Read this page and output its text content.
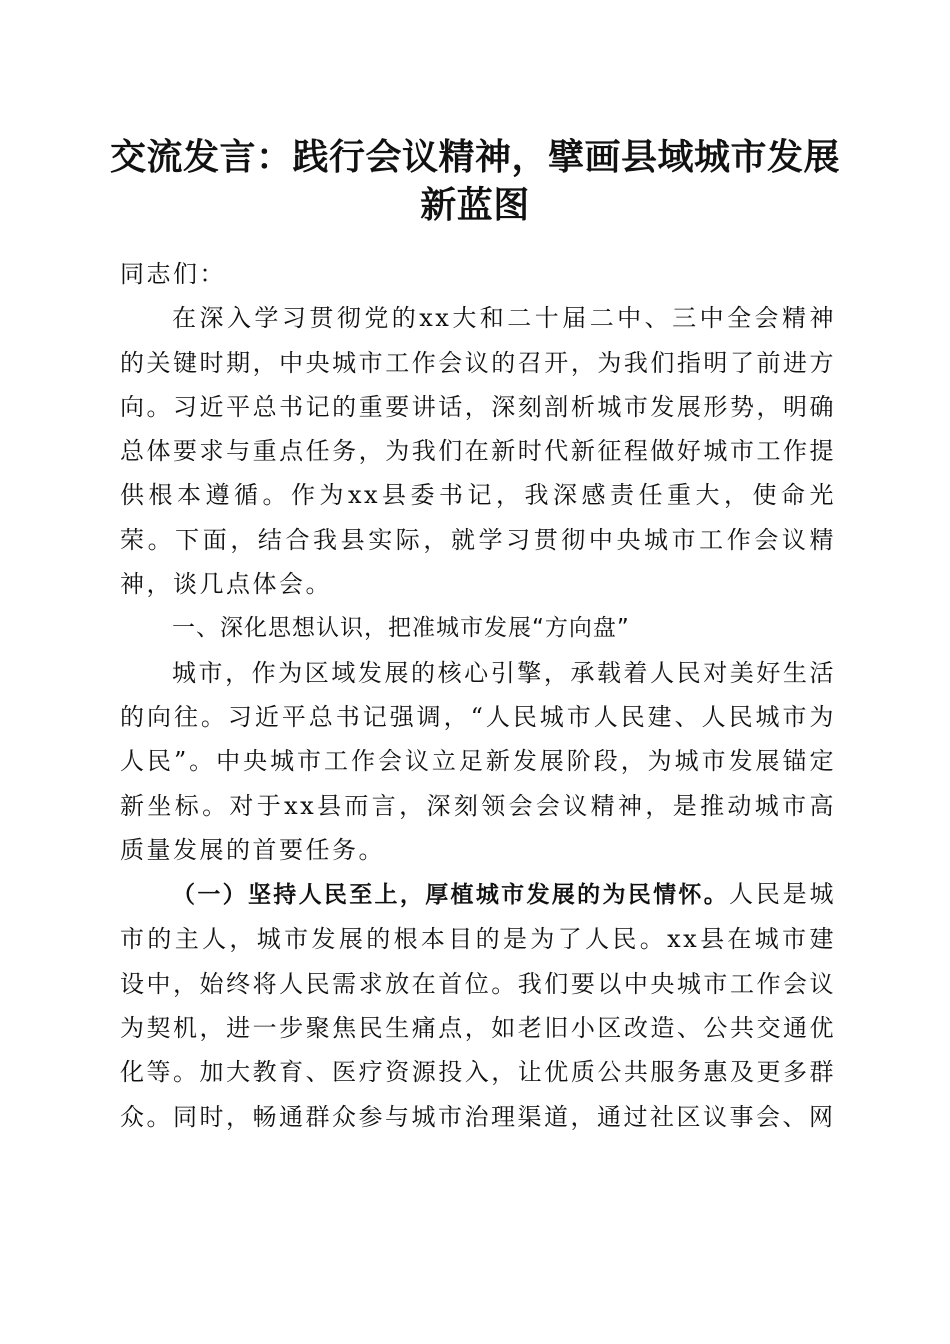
交流发言：践行会议精神，擘画县域城市发展新蓝图

同志们：

在深入学习贯彻党的xx大和二十届二中、三中全会精神的关键时期，中央城市工作会议的召开，为我们指明了前进方向。习近平总书记的重要讲话，深刻剖析城市发展形势，明确总体要求与重点任务，为我们在新时代新征程做好城市工作提供根本遵循。作为xx县委书记，我深感责任重大，使命光荣。下面，结合我县实际，就学习贯彻中央城市工作会议精神，谈几点体会。

一、深化思想认识，把准城市发展“方向盘”

城市，作为区域发展的核心引擎，承载着人民对美好生活的向往。习近平总书记强调，“人民城市人民建、人民城市为人民”。中央城市工作会议立足新发展阶段，为城市发展锚定新坐标。对于xx县而言，深刻领会会议精神，是推动城市高质量发展的首要任务。

（一）坚持人民至上，厚植城市发展的为民情怀。人民是城市的主人，城市发展的根本目的是为了人民。xx县在城市建设中，始终将人民需求放在首位。我们要以中央城市工作会议为契机，进一步聚焦民生痛点，如老旧小区改造、公共交通优化等。加大教育、医疗资源投入，让优质公共服务惠及更多群众。同时，畅通群众参与城市治理渠道，通过社区议事会、网
